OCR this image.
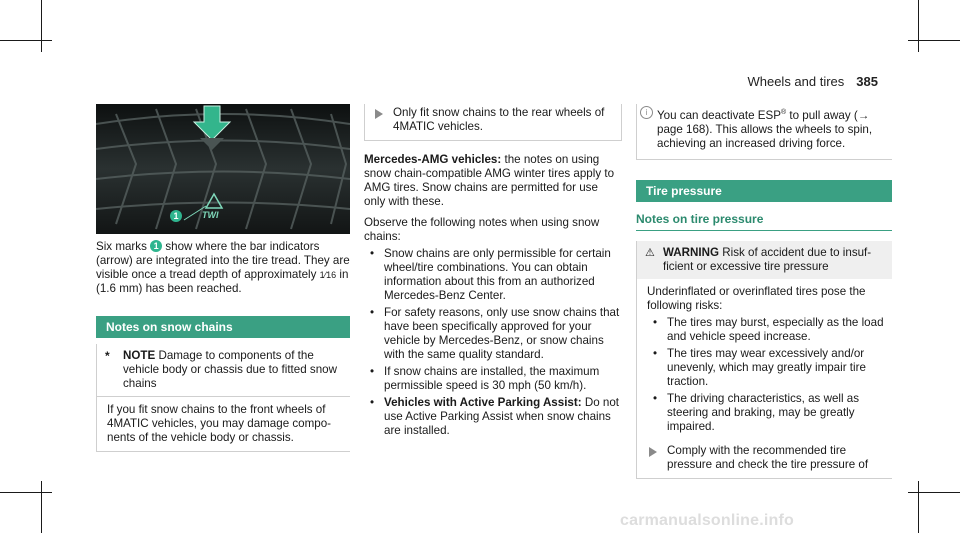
Wheels and tires 385
1	TWI

Six marks 1 show where the bar indicators (arrow) are integrated into the tire tread. They are visible once a tread depth of approximately 1⁄16 in (1.6 mm) has been reached.

Notes on snow chains
* NOTE Damage to components of the vehicle body or chassis due to fitted snow chains
If you fit snow chains to the front wheels of 4MATIC vehicles, you may damage components of the vehicle body or chassis.
Only fit snow chains to the rear wheels of 4MATIC vehicles.

Mercedes-AMG vehicles: the notes on using snow chain-compatible AMG winter tires apply to AMG tires. Snow chains are permitted for use only with these.

Observe the following notes when using snow chains:

• Snow chains are only permissible for certain wheel/tire combinations. You can obtain information about this from an authorized Mercedes-Benz Center.
• For safety reasons, only use snow chains that have been specifically approved for your vehicle by Mercedes-Benz, or snow chains with the same quality standard.
• If snow chains are installed, the maximum permissible speed is 30 mph (50 km/h).
• Vehicles with Active Parking Assist: Do not use Active Parking Assist when snow chains are installed.
i You can deactivate ESP® to pull away (→ page 168). This allows the wheels to spin, achieving an increased driving force.
Tire pressure
Notes on tire pressure
⚠ WARNING Risk of accident due to insufficient or excessive tire pressure
Underinflated or overinflated tires pose the following risks:
• The tires may burst, especially as the load and vehicle speed increase.
• The tires may wear excessively and/or unevenly, which may greatly impair tire traction.
• The driving characteristics, as well as steering and braking, may be greatly impaired.
Comply with the recommended tire pressure and check the tire pressure of
carmanualsonline.info
